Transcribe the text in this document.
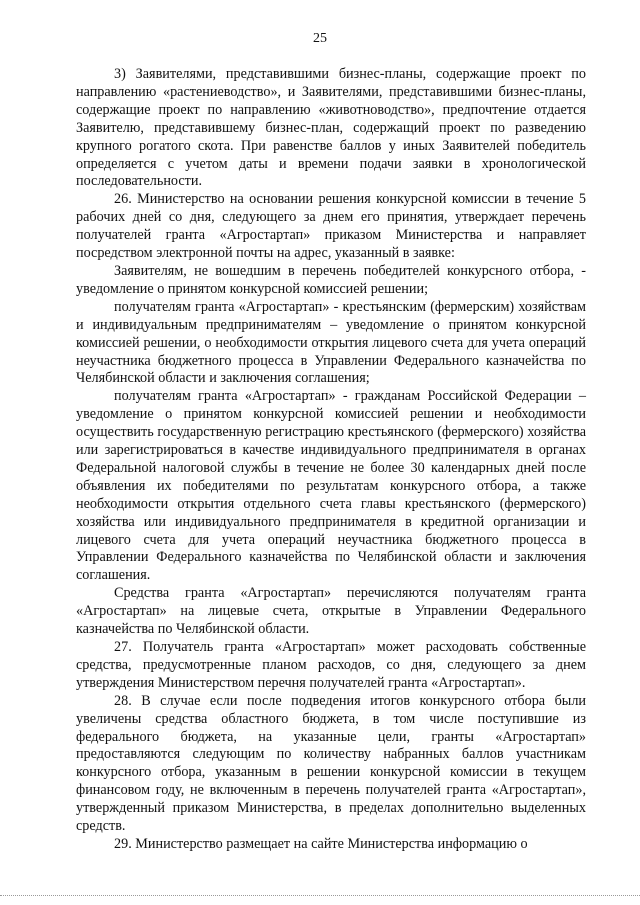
25

3) Заявителями, представившими бизнес-планы, содержащие проект по направлению «растениеводство», и Заявителями, представившими бизнес-планы, содержащие проект по направлению «животноводство», предпочтение отдается Заявителю, представившему бизнес-план, содержащий проект по разведению крупного рогатого скота. При равенстве баллов у иных Заявителей победитель определяется с учетом даты и времени подачи заявки в хронологической последовательности.

26. Министерство на основании решения конкурсной комиссии в течение 5 рабочих дней со дня, следующего за днем его принятия, утверждает перечень получателей гранта «Агростартап» приказом Министерства и направляет посредством электронной почты на адрес, указанный в заявке:

Заявителям, не вошедшим в перечень победителей конкурсного отбора, - уведомление о принятом конкурсной комиссией решении;

получателям гранта «Агростартап» - крестьянским (фермерским) хозяйствам и индивидуальным предпринимателям – уведомление о принятом конкурсной комиссией решении, о необходимости открытия лицевого счета для учета операций неучастника бюджетного процесса в Управлении Федерального казначейства по Челябинской области и заключения соглашения;

получателям гранта «Агростартап» - гражданам Российской Федерации – уведомление о принятом конкурсной комиссией решении и необходимости осуществить государственную регистрацию крестьянского (фермерского) хозяйства или зарегистрироваться в качестве индивидуального предпринимателя в органах Федеральной налоговой службы в течение не более 30 календарных дней после объявления их победителями по результатам конкурсного отбора, а также необходимости открытия отдельного счета главы крестьянского (фермерского) хозяйства или индивидуального предпринимателя в кредитной организации и лицевого счета для учета операций неучастника бюджетного процесса в Управлении Федерального казначейства по Челябинской области и заключения соглашения.

Средства гранта «Агростартап» перечисляются получателям гранта «Агростартап» на лицевые счета, открытые в Управлении Федерального казначейства по Челябинской области.

27. Получатель гранта «Агростартап» может расходовать собственные средства, предусмотренные планом расходов, со дня, следующего за днем утверждения Министерством перечня получателей гранта «Агростартап».

28. В случае если после подведения итогов конкурсного отбора были увеличены средства областного бюджета, в том числе поступившие из федерального бюджета, на указанные цели, гранты «Агростартап» предоставляются следующим по количеству набранных баллов участникам конкурсного отбора, указанным в решении конкурсной комиссии в текущем финансовом году, не включенным в перечень получателей гранта «Агростартап», утвержденный приказом Министерства, в пределах дополнительно выделенных средств.

29. Министерство размещает на сайте Министерства информацию о
